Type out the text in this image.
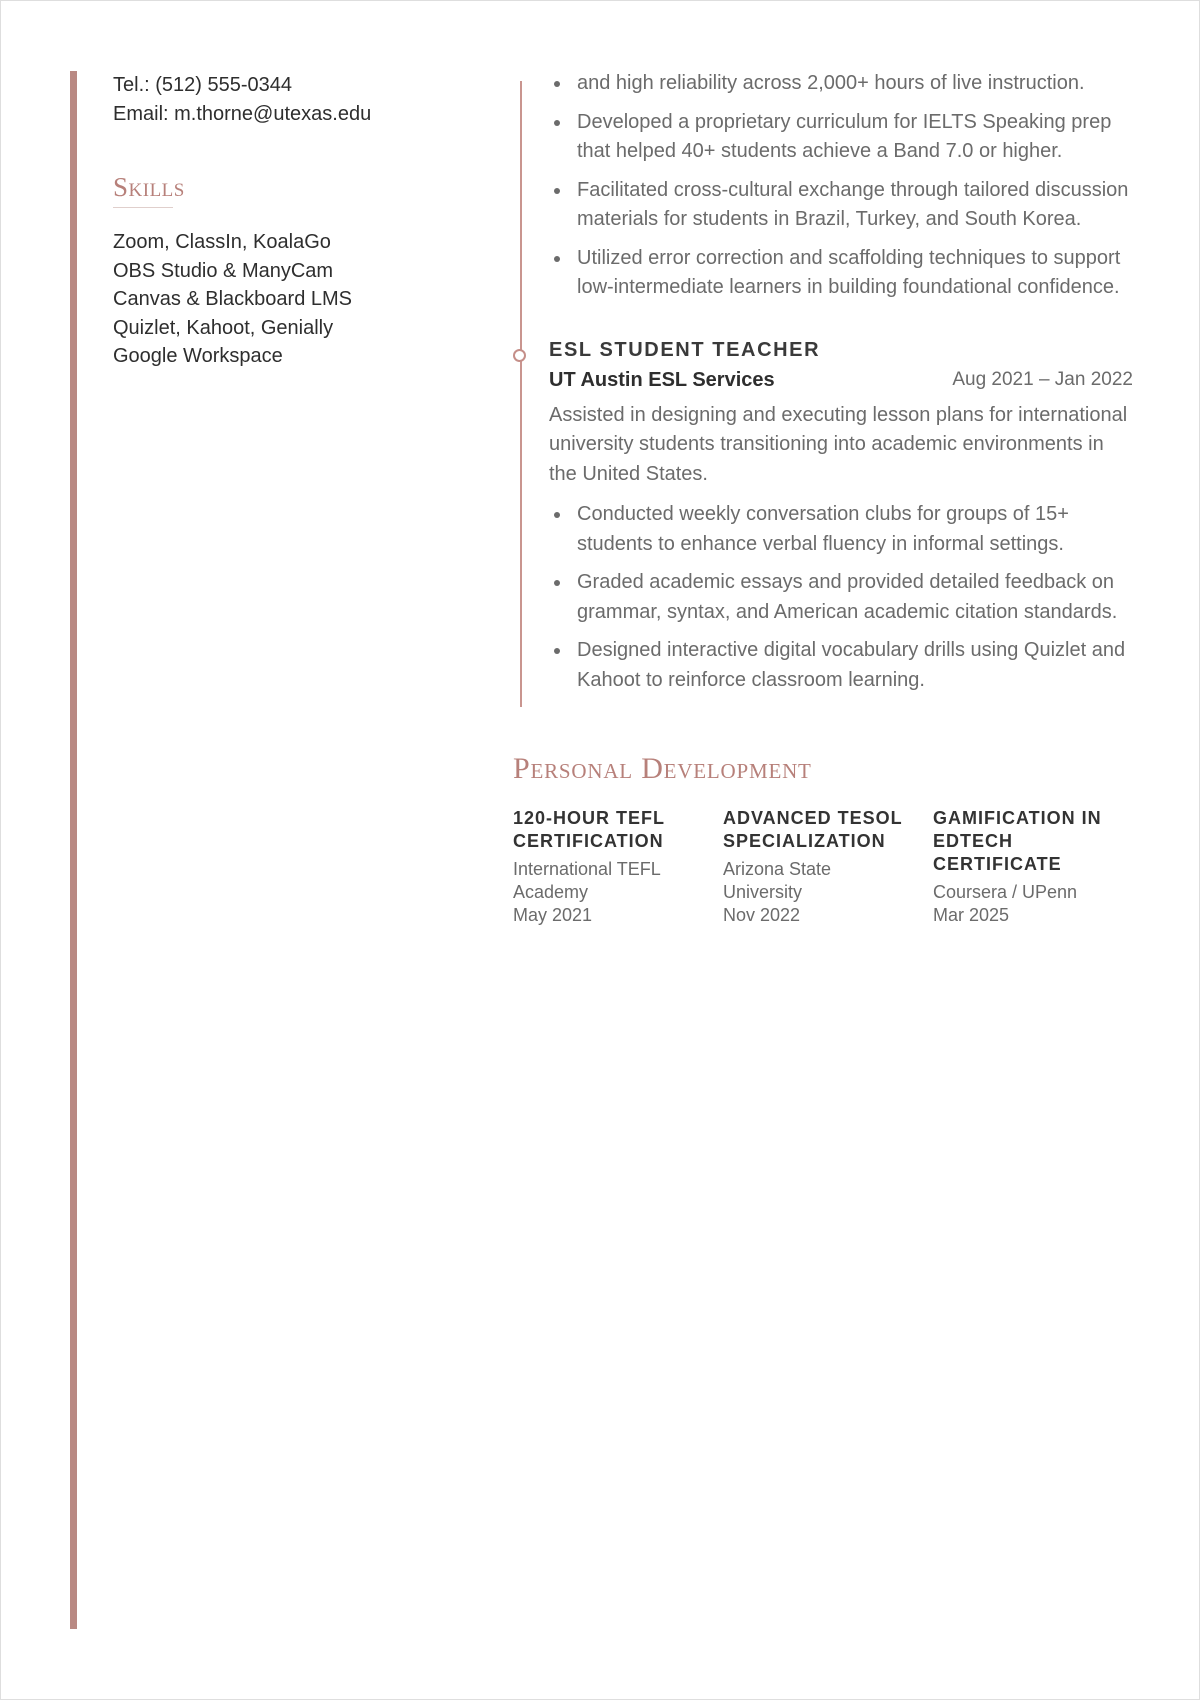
Tel.: (512) 555-0344
Email: m.thorne@utexas.edu
Skills
Zoom, ClassIn, KoalaGo
OBS Studio & ManyCam
Canvas & Blackboard LMS
Quizlet, Kahoot, Genially
Google Workspace
and high reliability across 2,000+ hours of live instruction.
Developed a proprietary curriculum for IELTS Speaking prep that helped 40+ students achieve a Band 7.0 or higher.
Facilitated cross-cultural exchange through tailored discussion materials for students in Brazil, Turkey, and South Korea.
Utilized error correction and scaffolding techniques to support low-intermediate learners in building foundational confidence.
ESL STUDENT TEACHER
UT Austin ESL Services	Aug 2021 – Jan 2022
Assisted in designing and executing lesson plans for international university students transitioning into academic environments in the United States.
Conducted weekly conversation clubs for groups of 15+ students to enhance verbal fluency in informal settings.
Graded academic essays and provided detailed feedback on grammar, syntax, and American academic citation standards.
Designed interactive digital vocabulary drills using Quizlet and Kahoot to reinforce classroom learning.
Personal Development
120-HOUR TEFL
CERTIFICATION
International TEFL
Academy
May 2021
ADVANCED TESOL
SPECIALIZATION
Arizona State
University
Nov 2022
GAMIFICATION IN
EDTECH
CERTIFICATE
Coursera / UPenn
Mar 2025
